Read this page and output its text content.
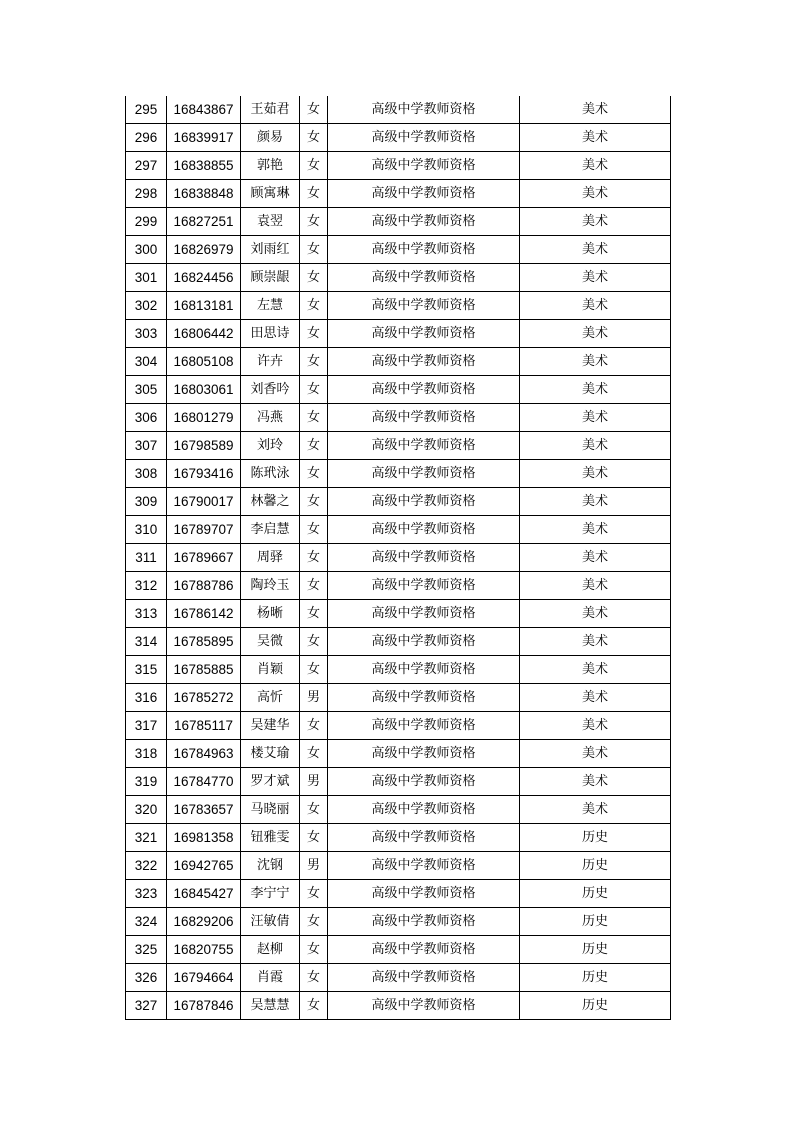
295	16843867	王茹君	女	高级中学教师资格	美术
296	16839917	颜易	女	高级中学教师资格	美术
297	16838855	郭艳	女	高级中学教师资格	美术
298	16838848	顾寓琳	女	高级中学教师资格	美术
299	16827251	袁翌	女	高级中学教师资格	美术
300	16826979	刘雨红	女	高级中学教师资格	美术
301	16824456	顾崇龈	女	高级中学教师资格	美术
302	16813181	左慧	女	高级中学教师资格	美术
303	16806442	田思诗	女	高级中学教师资格	美术
304	16805108	许卉	女	高级中学教师资格	美术
305	16803061	刘香吟	女	高级中学教师资格	美术
306	16801279	冯燕	女	高级中学教师资格	美术
307	16798589	刘玲	女	高级中学教师资格	美术
308	16793416	陈玳泳	女	高级中学教师资格	美术
309	16790017	林馨之	女	高级中学教师资格	美术
310	16789707	李启慧	女	高级中学教师资格	美术
311	16789667	周驿	女	高级中学教师资格	美术
312	16788786	陶玲玉	女	高级中学教师资格	美术
313	16786142	杨晰	女	高级中学教师资格	美术
314	16785895	吴微	女	高级中学教师资格	美术
315	16785885	肖颖	女	高级中学教师资格	美术
316	16785272	高忻	男	高级中学教师资格	美术
317	16785117	吴建华	女	高级中学教师资格	美术
318	16784963	楼艾瑜	女	高级中学教师资格	美术
319	16784770	罗才斌	男	高级中学教师资格	美术
320	16783657	马晓丽	女	高级中学教师资格	美术
321	16981358	钮雅雯	女	高级中学教师资格	历史
322	16942765	沈钢	男	高级中学教师资格	历史
323	16845427	李宁宁	女	高级中学教师资格	历史
324	16829206	汪敏倩	女	高级中学教师资格	历史
325	16820755	赵柳	女	高级中学教师资格	历史
326	16794664	肖霞	女	高级中学教师资格	历史
327	16787846	吴慧慧	女	高级中学教师资格	历史
